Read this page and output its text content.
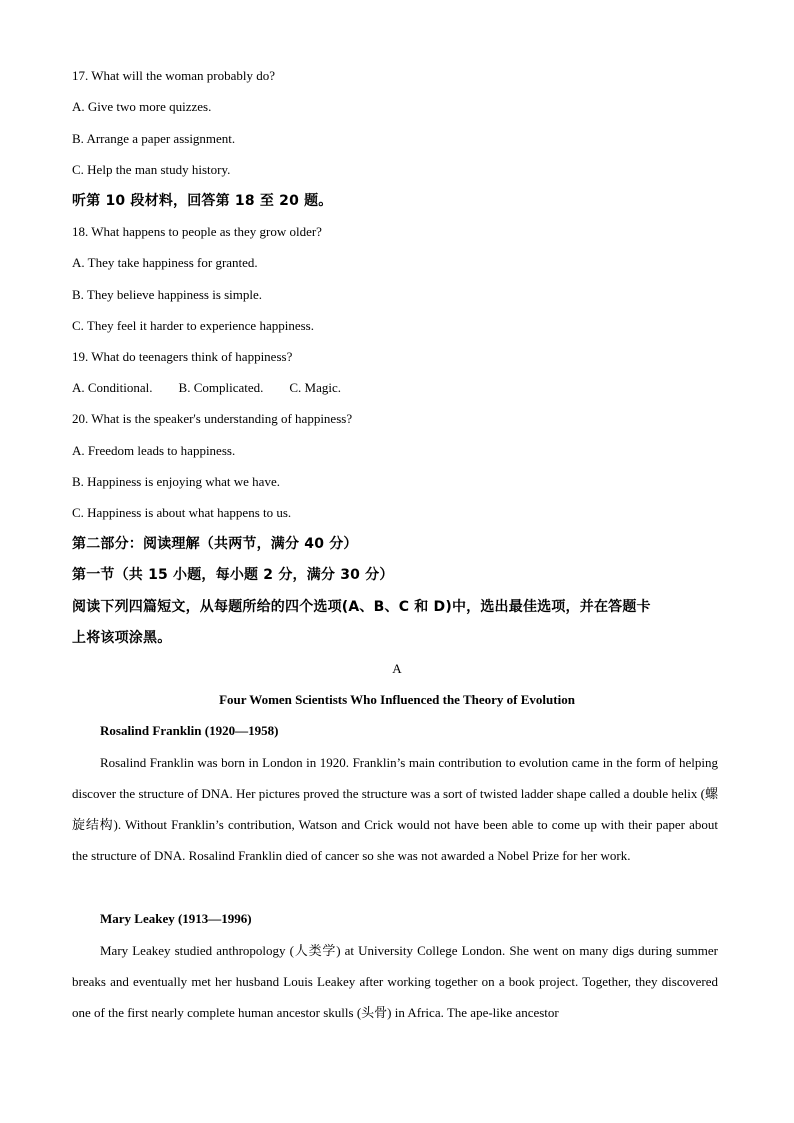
17. What will the woman probably do?
A. Give two more quizzes.
B. Arrange a paper assignment.
C. Help the man study history.
听第 10 段材料，回答第 18 至 20 题。
18. What happens to people as they grow older?
A. They take happiness for granted.
B. They believe happiness is simple.
C. They feel it harder to experience happiness.
19. What do teenagers think of happiness?
A. Conditional. B. Complicated. C. Magic.
20. What is the speaker's understanding of happiness?
A. Freedom leads to happiness.
B. Happiness is enjoying what we have.
C. Happiness is about what happens to us.
第二部分：阅读理解（共两节，满分 40 分）
第一节（共 15 小题，每小题 2 分，满分 30 分）
阅读下列四篇短文，从每题所给的四个选项(A、B、C 和 D)中，选出最佳选项，并在答题卡
上将该项涂黑。
A
Four Women Scientists Who Influenced the Theory of Evolution
Rosalind Franklin (1920—1958)
Rosalind Franklin was born in London in 1920. Franklin’s main contribution to evolution came in the form of helping discover the structure of DNA. Her pictures proved the structure was a sort of twisted ladder shape called a double helix (螺旋结构). Without Franklin’s contribution, Watson and Crick would not have been able to come up with their paper about the structure of DNA. Rosalind Franklin died of cancer so she was not awarded a Nobel Prize for her work.
Mary Leakey (1913—1996)
Mary Leakey studied anthropology (人类学) at University College London. She went on many digs during summer breaks and eventually met her husband Louis Leakey after working together on a book project. Together, they discovered one of the first nearly complete human ancestor skulls (头骨) in Africa. The ape-like ancestor
